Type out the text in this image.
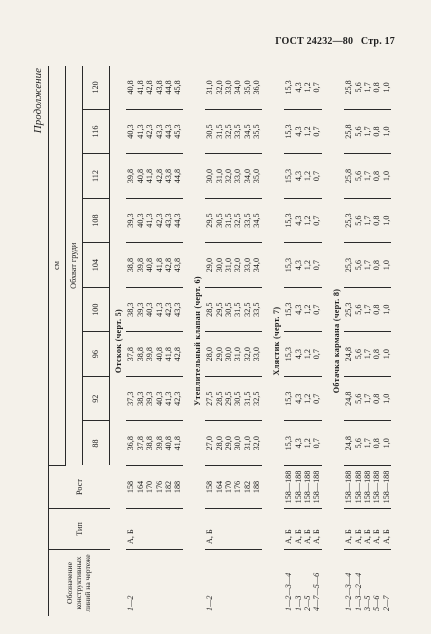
ГОСТ 24232—80 Стр. 17
Продолжение
Обозначение конструктивных линий на чертеже	Тип	Рост	см								
			Обхват груди								
			88	92	96	100	104	108	112	116	120
Отскок (черт. 5)											
1—2	А, Б	158	36,8	37,3	37,8	38,3	38,8	39,3	39,8	40,3	40,8
		164	37,8	38,3	38,8	39,3	39,8	40,3	40,8	41,3	41,8
		170	38,8	39,3	39,8	40,3	40,8	41,3	41,8	42,3	42,8
		176	39,8	40,3	40,8	41,3	41,8	42,3	42,8	43,3	43,8
		182	40,8	41,3	41,8	42,3	42,8	43,3	43,8	44,3	44,8
		188	41,8	42,3	42,8	43,3	43,8	44,3	44,8	45,3	45,8

Утеплительный клапан (черт. 6)											
1—2	А, Б	158	27,0	27,5	28,0	28,5	29,0	29,5	30,0	30,5	31,0
		164	28,0	28,5	29,0	29,5	30,0	30,5	31,0	31,5	32,0
		170	29,0	29,5	30,0	30,5	31,0	31,5	32,0	32,5	33,0
		176	30,0	30,5	31,0	31,5	32,0	32,5	33,0	33,5	34,0
		182	31,0	31,5	32,0	32,5	33,0	33,5	34,0	34,5	35,0
		188	32,0	32,5	33,0	33,5	34,0	34,5	35,0	35,5	36,0

Хлястик (черт. 7)											
1—2—3—4	А, Б	158—188	15,3	15,3	15,3	15,3	15,3	15,3	15,3	15,3	15,3
1—3	А, Б	158—188	4,3	4,3	4,3	4,3	4,3	4,3	4,3	4,3	4,3
2—5	А, Б	158—188	1,2	1,2	1,2	1,2	1,2	1,2	1,2	1,2	1,2
4—7—5—6	А, Б	158—188	0,7	0,7	0,7	0,7	0,7	0,7	0,7	0,7	0,7

Обтачка кармана (черт. 8)											
1—2—3—4	А, Б	158—188	24,8	24,8	24,8	25,3	25,3	25,3	25,8	25,8	25,8
1—3—2—4	А, Б	158—188	5,6	5,6	5,6	5,6	5,6	5,6	5,6	5,6	5,6
3—5	А, Б	158—188	1,7	1,7	1,7	1,7	1,7	1,7	1,7	1,7	1,7
5—6	А, Б	158—188	0,8	0,8	0,8	0,8	0,8	0,8	0,8	0,8	0,8
2—7	А, Б	158—188	1,0	1,0	1,0	1,0	1,0	1,0	1,0	1,0	1,0
